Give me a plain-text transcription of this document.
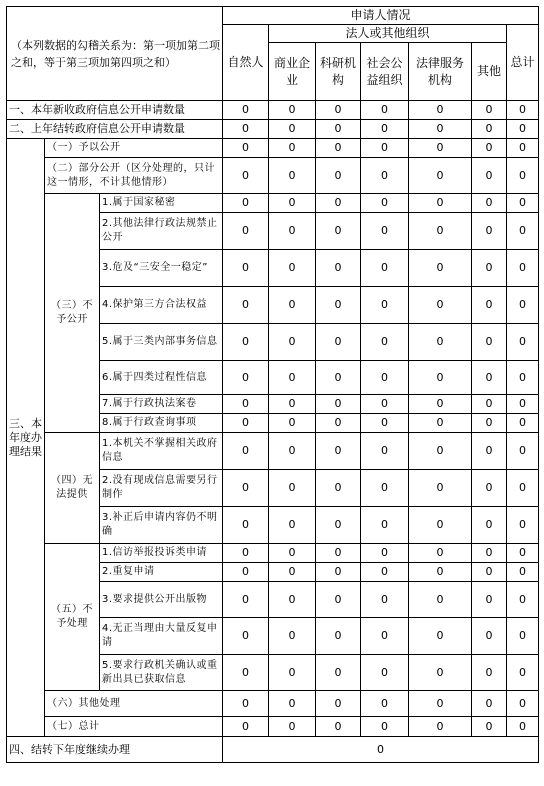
（本列数据的勾稽关系为：第一项加第二项之和，等于第三项加第四项之和）			申请人情况						
			自然人	法人或其他组织					总计
				商业企业	科研机构	社会公益组织	法律服务机构	其他	
一、本年新收政府信息公开申请数量			0	0	0	0	0	0	0
二、上年结转政府信息公开申请数量			0	0	0	0	0	0	0
三、本年度办理结果	（一）予以公开		0	0	0	0	0	0	0
	（二）部分公开（区分处理的，只计这一情形，不计其他情形）		0	0	0	0	0	0	0
	（三）不予公开	1.属于国家秘密	0	0	0	0	0	0	0
		2.其他法律行政法规禁止公开	0	0	0	0	0	0	0
		3.危及“三安全一稳定”	0	0	0	0	0	0	0
		4.保护第三方合法权益	0	0	0	0	0	0	0
		5.属于三类内部事务信息	0	0	0	0	0	0	0
		6.属于四类过程性信息	0	0	0	0	0	0	0
		7.属于行政执法案卷	0	0	0	0	0	0	0
		8.属于行政查询事项	0	0	0	0	0	0	0
	（四）无法提供	1.本机关不掌握相关政府信息	0	0	0	0	0	0	0
		2.没有现成信息需要另行制作	0	0	0	0	0	0	0
		3.补正后申请内容仍不明确	0	0	0	0	0	0	0
	（五）不予处理	1.信访举报投诉类申请	0	0	0	0	0	0	0
		2.重复申请	0	0	0	0	0	0	0
		3.要求提供公开出版物	0	0	0	0	0	0	0
		4.无正当理由大量反复申请	0	0	0	0	0	0	0
		5.要求行政机关确认或重新出具已获取信息	0	0	0	0	0	0	0
	（六）其他处理		0	0	0	0	0	0	0
	（七）总计		0	0	0	0	0	0	0
四、结转下年度继续办理			0						
